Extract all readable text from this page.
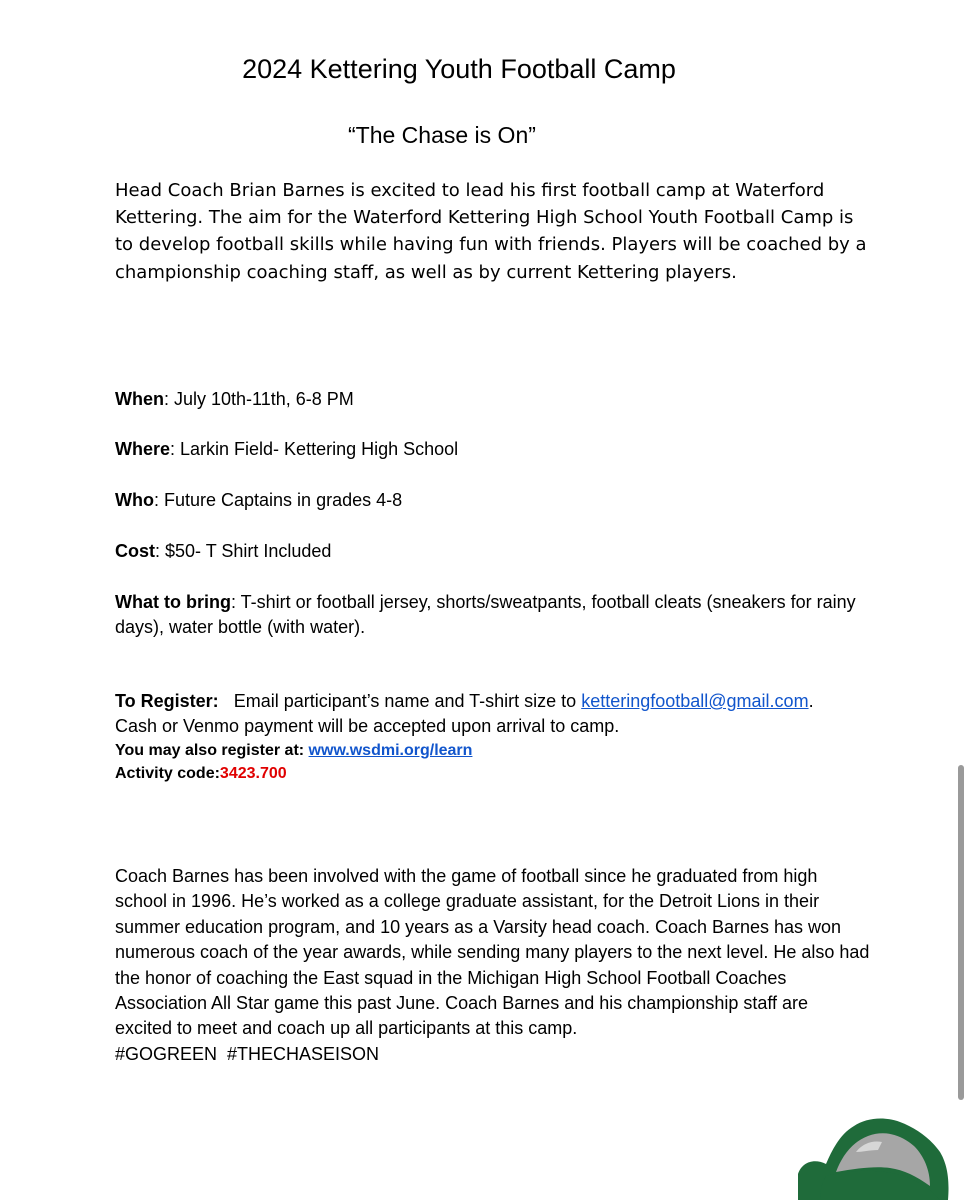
2024 Kettering Youth Football Camp

“The Chase is On”

Head Coach Brian Barnes is excited to lead his first football camp at Waterford Kettering. The aim for the Waterford Kettering High School Youth Football Camp is to develop football skills while having fun with friends. Players will be coached by a championship coaching staff, as well as by current Kettering players.

When: July 10th-11th, 6-8 PM

Where: Larkin Field- Kettering High School

Who: Future Captains in grades 4-8

Cost: $50- T Shirt Included

What to bring: T-shirt or football jersey, shorts/sweatpants, football cleats (sneakers for rainy days), water bottle (with water).

To Register:   Email participant’s name and T-shirt size to ketteringfootball@gmail.com.
Cash or Venmo payment will be accepted upon arrival to camp.
You may also register at: www.wsdmi.org/learn
Activity code:3423.700
Coach Barnes has been involved with the game of football since he graduated from high school in 1996. He’s worked as a college graduate assistant, for the Detroit Lions in their summer education program, and 10 years as a Varsity head coach. Coach Barnes has won numerous coach of the year awards, while sending many players to the next level. He also had the honor of coaching the East squad in the Michigan High School Football Coaches Association All Star game this past June. Coach Barnes and his championship staff are excited to meet and coach up all participants at this camp.
#GOGREEN  #THECHASEISON
